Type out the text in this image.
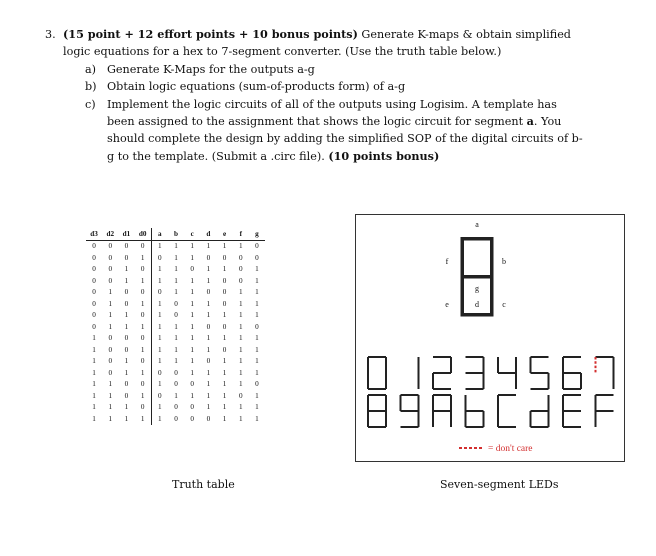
3. (15 point + 12 effort points + 10 bonus points) Generate K-maps & obtain simplified
logic equations for a hex to 7-segment converter. (Use the truth table below.)
a) Generate K-Maps for the outputs a-g
b) Obtain logic equations (sum-of-products form) of a-g
c) Implement the logic circuits of all of the outputs using Logisim. A template has
been assigned to the assignment that shows the logic circuit for segment a. You
should complete the design by adding the simplified SOP of the digital circuits of b-
g to the template. (Submit a .circ file). (10 points bonus)
d3	d2	d1	d0	a	b	c	d	e	f	g
0	0	0	0	1	1	1	1	1	1	0
0	0	0	1	0	1	1	0	0	0	0
0	0	1	0	1	1	0	1	1	0	1
0	0	1	1	1	1	1	1	0	0	1
0	1	0	0	0	1	1	0	0	1	1
0	1	0	1	1	0	1	1	0	1	1
0	1	1	0	1	0	1	1	1	1	1
0	1	1	1	1	1	1	0	0	1	0
1	0	0	0	1	1	1	1	1	1	1
1	0	0	1	1	1	1	1	0	1	1
1	0	1	0	1	1	1	0	1	1	1
1	0	1	1	0	0	1	1	1	1	1
1	1	0	0	1	0	0	1	1	1	0
1	1	0	1	0	1	1	1	1	0	1
1	1	1	0	1	0	0	1	1	1	1
1	1	1	1	1	0	0	0	1	1	1
Truth table
a
b
c
d
e
f
g
= don't care
Seven-segment LEDs
